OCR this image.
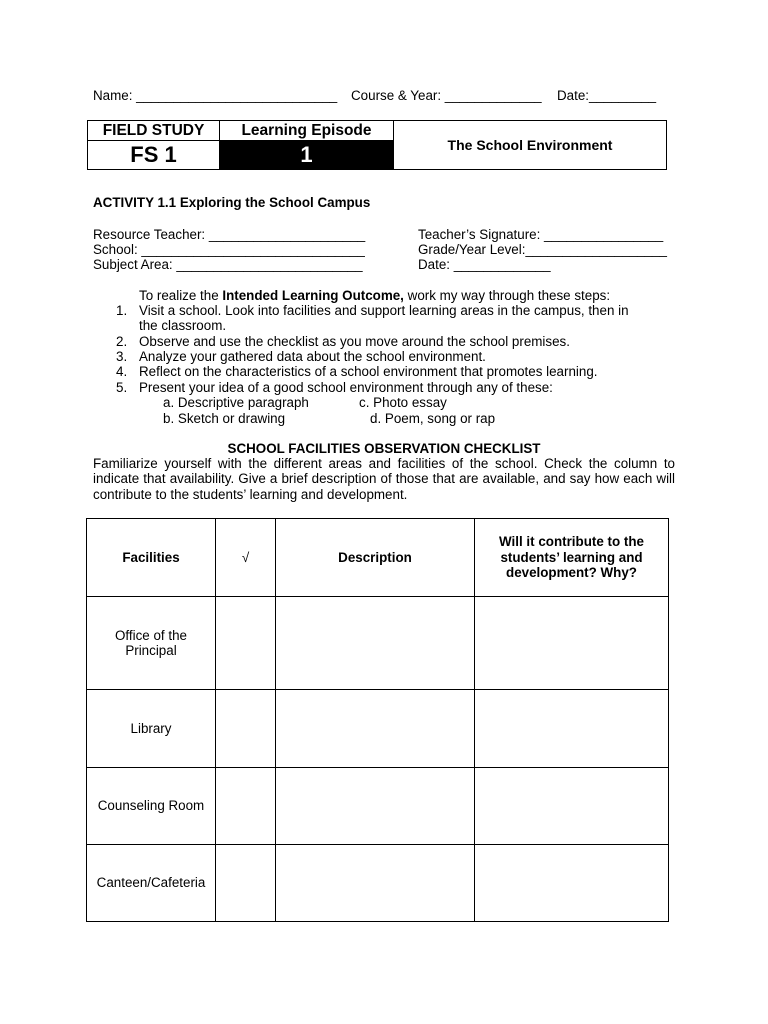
Name: ___________________________ Course & Year: _____________ Date:_________
FIELD STUDY	Learning Episode
FS 1	1	The School Environment
ACTIVITY 1.1 Exploring the School Campus
Resource Teacher: _____________________
School: ______________________________
Subject Area: _________________________
Teacher’s Signature: ________________
Grade/Year Level:___________________
Date: _____________
To realize the Intended Learning Outcome, work my way through these steps:
1. Visit a school. Look into facilities and support learning areas in the campus, then in
the classroom.
2. Observe and use the checklist as you move around the school premises.
3. Analyze your gathered data about the school environment.
4. Reflect on the characteristics of a school environment that promotes learning.
5. Present your idea of a good school environment through any of these:
a. Descriptive paragraph
b. Sketch or drawing
c. Photo essay
d. Poem, song or rap
SCHOOL FACILITIES OBSERVATION CHECKLIST
Familiarize yourself with the different areas and facilities of the school. Check the column to indicate that availability. Give a brief description of those that are available, and say how each will contribute to the students’ learning and development.
Facilities	√	Description	Will it contribute to the students’ learning and development? Why?
Office of the Principal			
Library			
Counseling Room			
Canteen/Cafeteria			
